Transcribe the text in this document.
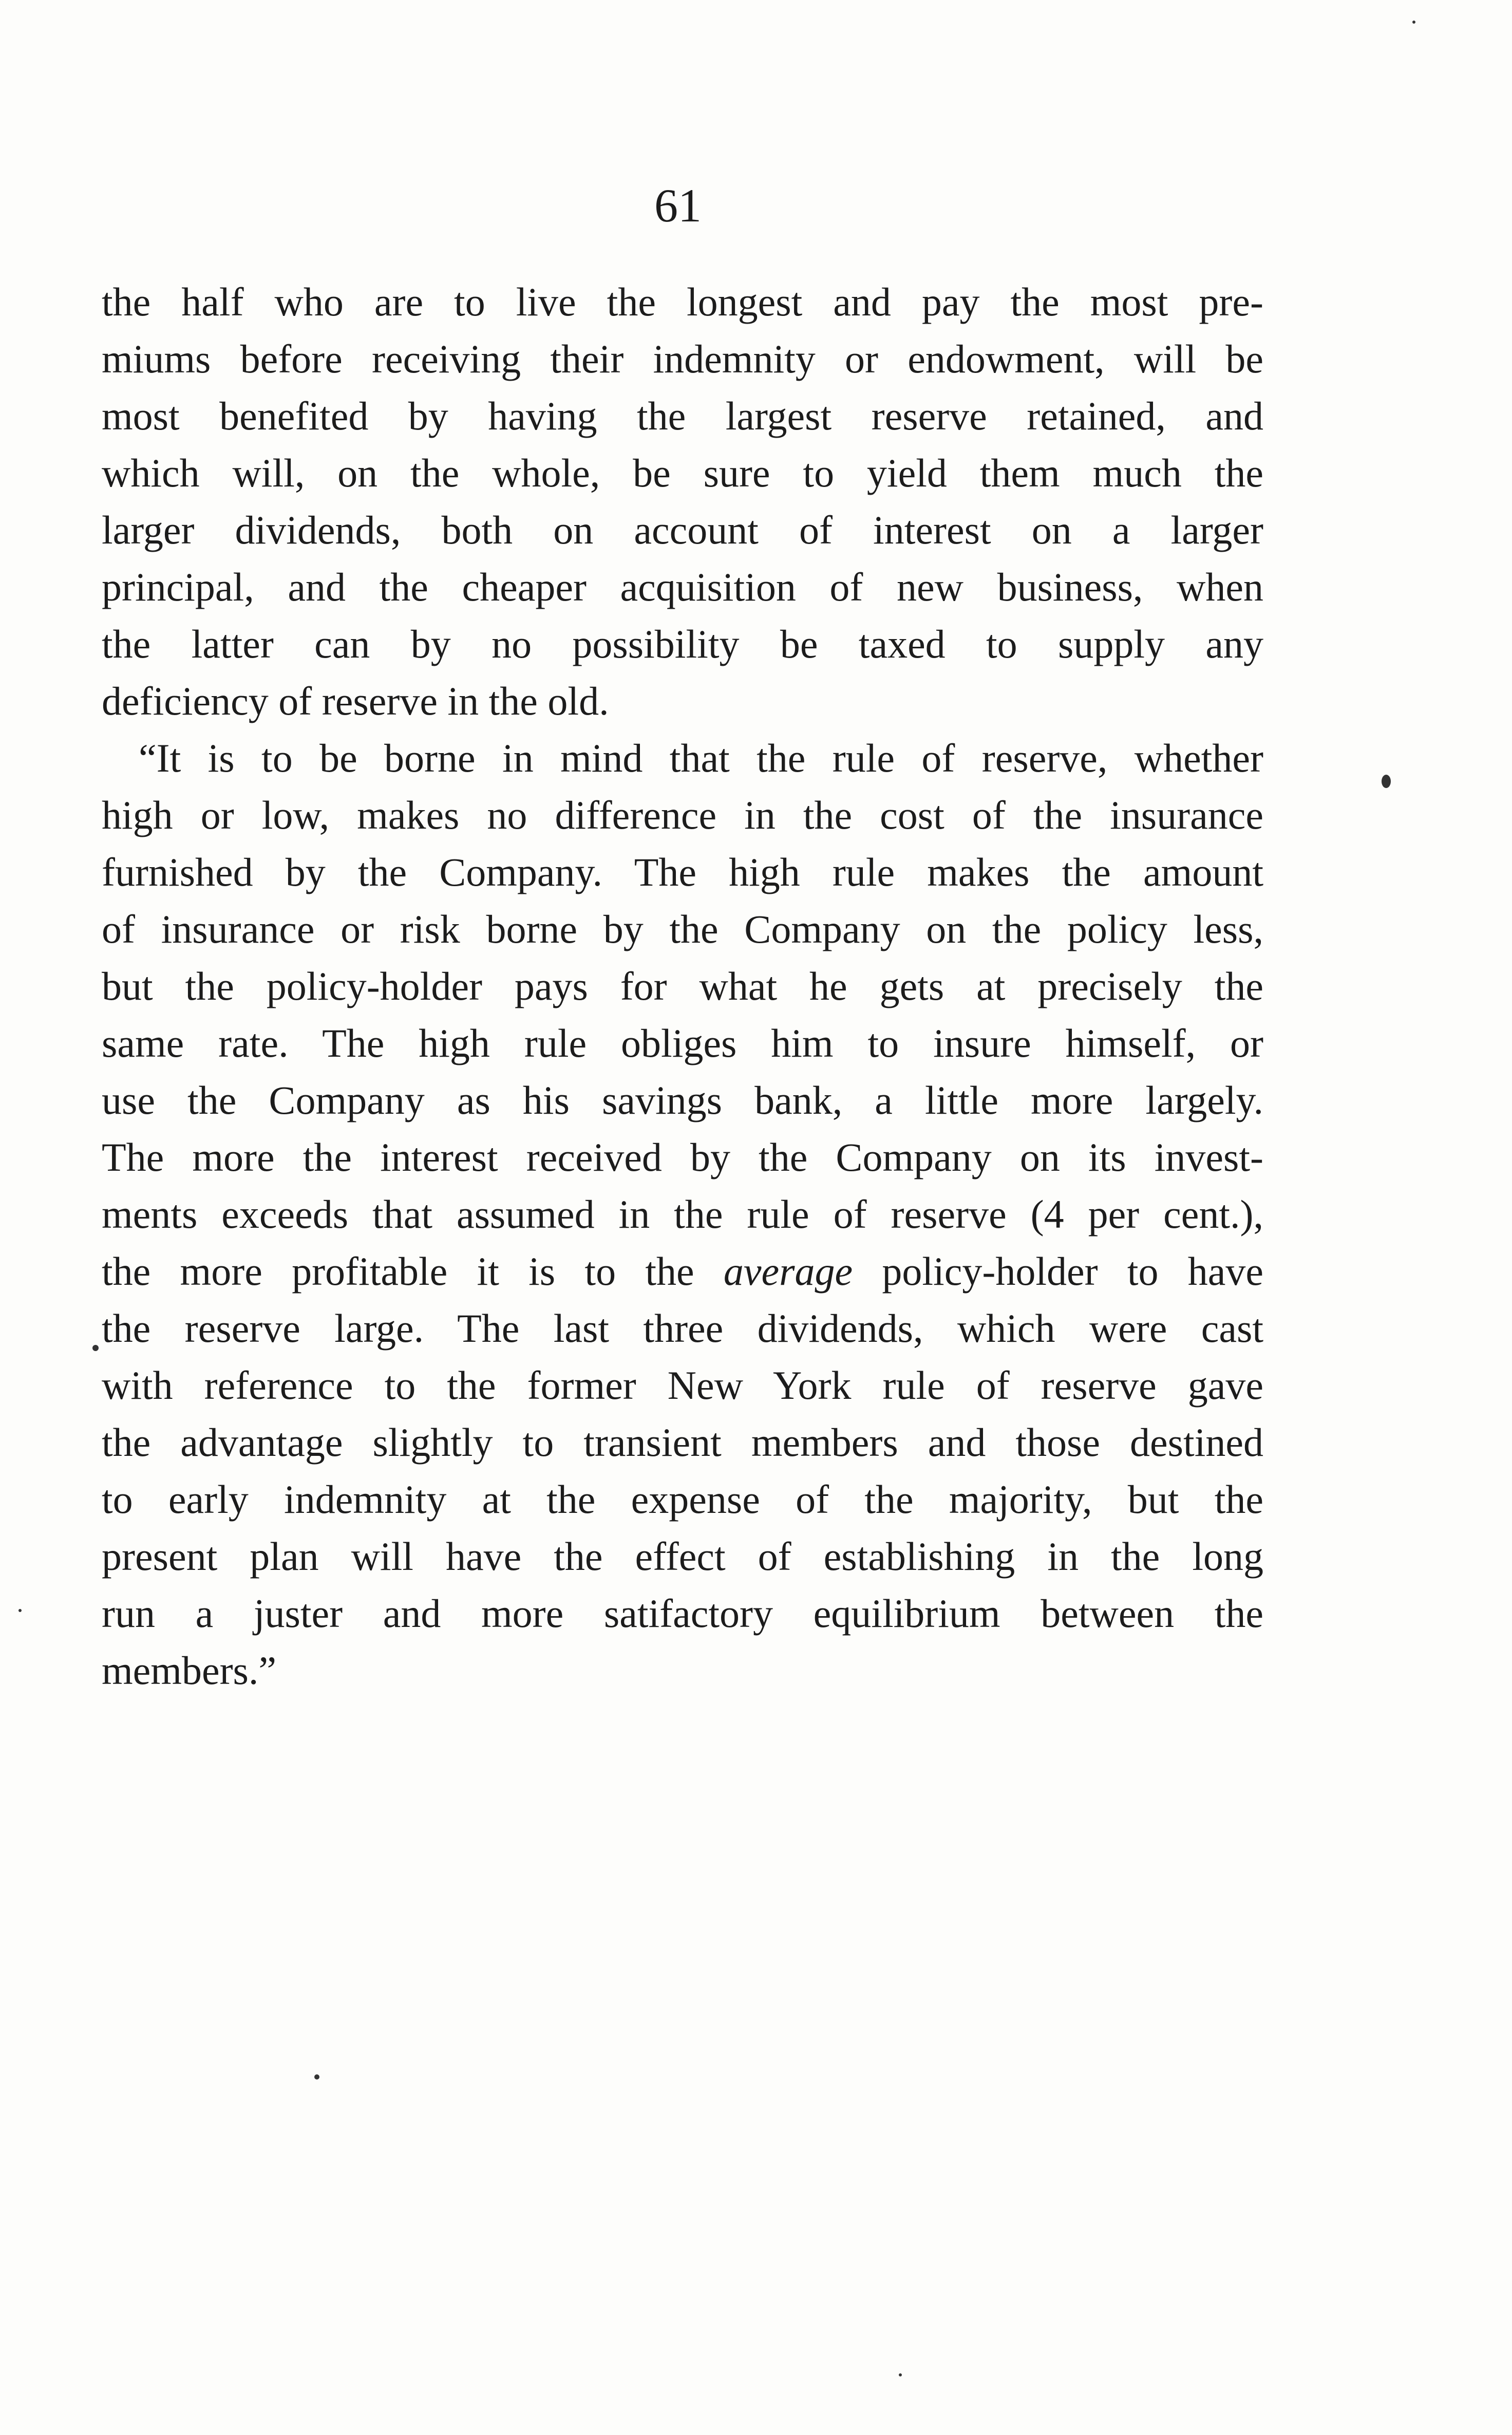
61
the half who are to live the longest and pay the most pre-
miums before receiving their indemnity or endowment, will be
most benefited by having the largest reserve retained, and
which will, on the whole, be sure to yield them much the
larger dividends, both on account of interest on a larger
principal, and the cheaper acquisition of new business, when
the latter can by no possibility be taxed to supply any
deficiency of reserve in the old.
“It is to be borne in mind that the rule of reserve, whether
high or low, makes no difference in the cost of the insurance
furnished by the Company. The high rule makes the amount
of insurance or risk borne by the Company on the policy less,
but the policy-holder pays for what he gets at precisely the
same rate. The high rule obliges him to insure himself, or
use the Company as his savings bank, a little more largely.
The more the interest received by the Company on its invest-
ments exceeds that assumed in the rule of reserve (4 per cent.),
the more profitable it is to the average policy-holder to have
the reserve large. The last three dividends, which were cast
with reference to the former New York rule of reserve gave
the advantage slightly to transient members and those destined
to early indemnity at the expense of the majority, but the
present plan will have the effect of establishing in the long
run a juster and more satifactory equilibrium between the
members.”
